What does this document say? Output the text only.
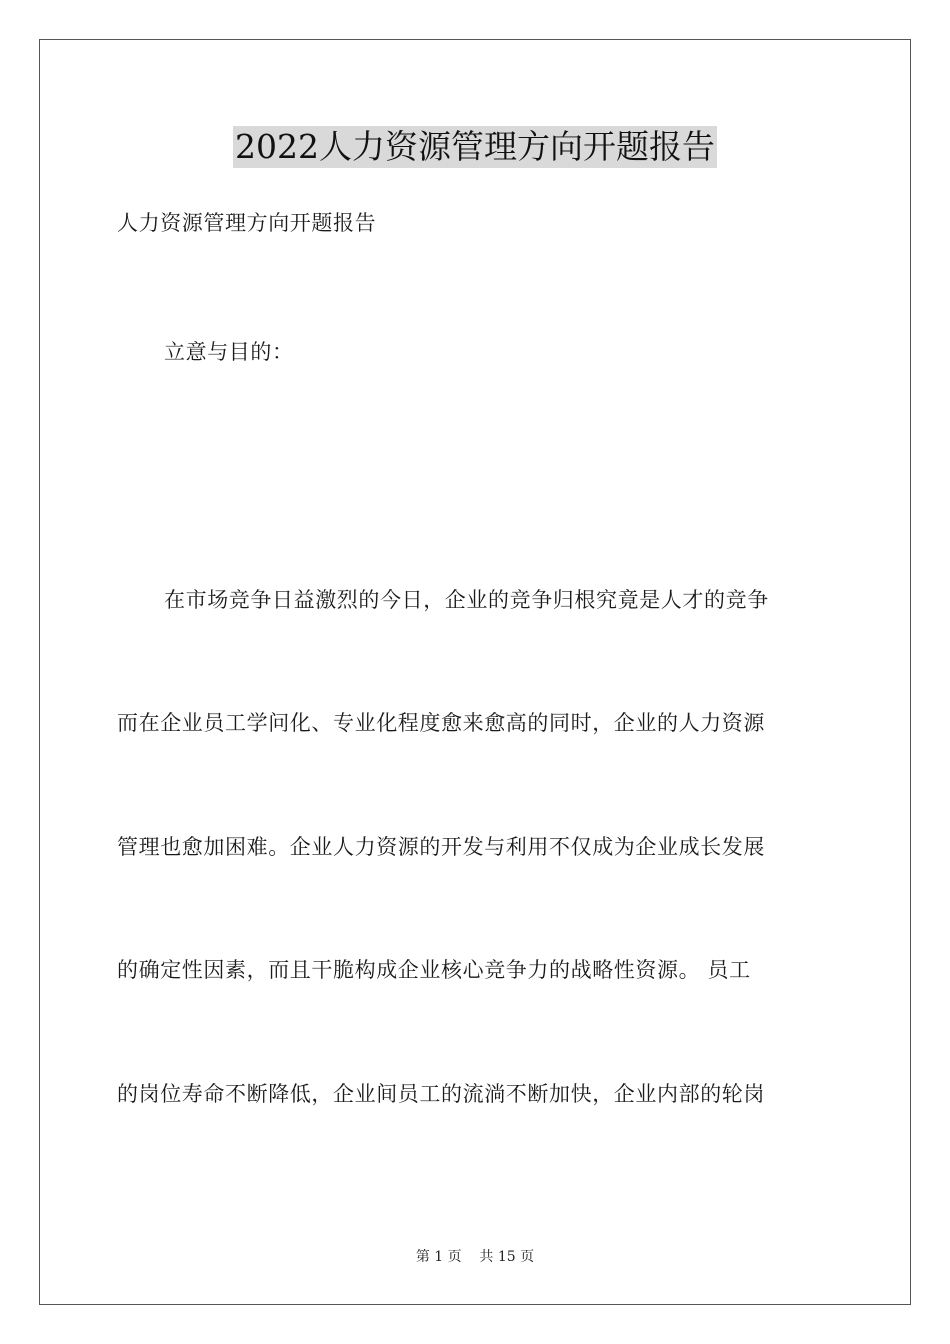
2022人力资源管理方向开题报告
人力资源管理方向开题报告
立意与目的：
在市场竞争日益激烈的今日，企业的竞争归根究竟是人才的竞争
而在企业员工学问化、专业化程度愈来愈高的同时，企业的人力资源
管理也愈加困难。企业人力资源的开发与利用不仅成为企业成长发展
的确定性因素，而且干脆构成企业核心竞争力的战略性资源。 员工
的岗位寿命不断降低，企业间员工的流淌不断加快，企业内部的轮岗
第 1 页    共 15 页
